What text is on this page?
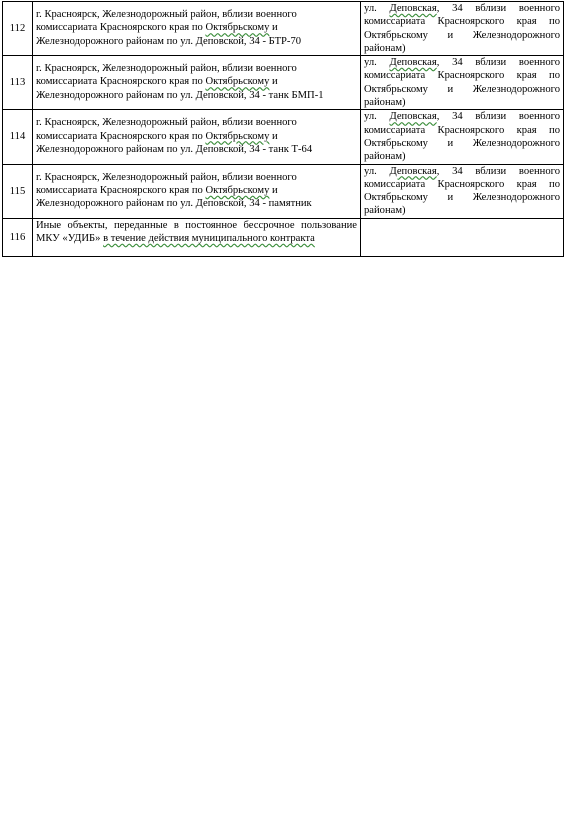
112	г. Красноярск, Железнодорожный район, вблизи военного комиссариата Красноярского края по Октябрьскому и Железнодорожного районам по ул. Деповской, 34 - БТР-70	ул. Деповская, 34 вблизи военного комиссариата Красноярского края по Октябрьскому и Железнодорожного
районам)

113	г. Красноярск, Железнодорожный район, вблизи военного комиссариата Красноярского края по Октябрьскому и Железнодорожного районам по ул. Деповской, 34 - танк БМП-1	ул. Деповская, 34 вблизи военного комиссариата Красноярского края по Октябрьскому и Железнодорожного
районам)

114	г. Красноярск, Железнодорожный район, вблизи военного комиссариата Красноярского края по Октябрьскому и Железнодорожного районам по ул. Деповской, 34 - танк Т-64	ул. Деповская, 34 вблизи военного комиссариата Красноярского края по Октябрьскому и Железнодорожного
районам)

115	г. Красноярск, Железнодорожный район, вблизи военного комиссариата Красноярского края по Октябрьскому и Железнодорожного районам по ул. Деповской, 34 - памятник	ул. Деповская, 34 вблизи военного комиссариата Красноярского края по Октябрьскому и Железнодорожного
районам)

116	Иные объекты, переданные в постоянное бессрочное пользование МКУ «УДИБ» в течение действия муниципального контракта	
